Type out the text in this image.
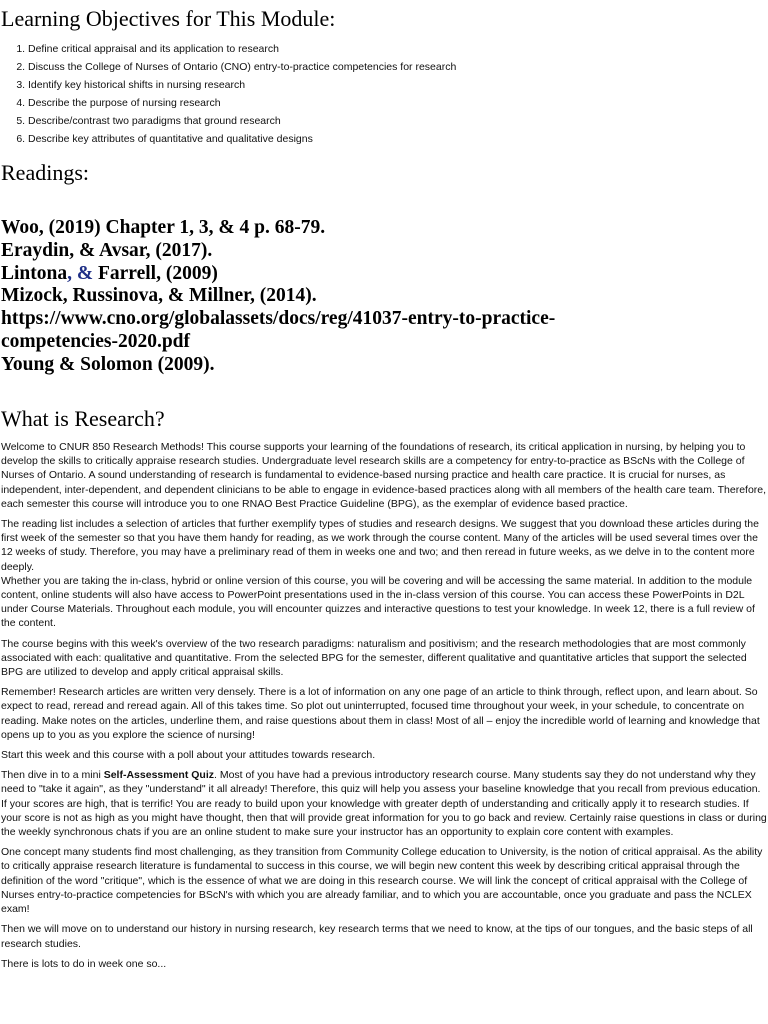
Learning Objectives for This Module:
1. Define critical appraisal and its application to research
2. Discuss the College of Nurses of Ontario (CNO) entry-to-practice competencies for research
3. Identify key historical shifts in nursing research
4. Describe the purpose of nursing research
5. Describe/contrast two paradigms that ground research
6. Describe key attributes of quantitative and qualitative designs
Readings:
Woo, (2019) Chapter 1, 3, & 4 p. 68-79.
Eraydin, & Avsar, (2017).
Lintona, & Farrell, (2009)
Mizock, Russinova, & Millner, (2014).
https://www.cno.org/globalassets/docs/reg/41037-entry-to-practice-
competencies-2020.pdf
Young & Solomon (2009).
What is Research?

Welcome to CNUR 850 Research Methods! This course supports your learning of the foundations of research, its critical application in nursing, by helping you to develop the skills to critically appraise research studies. Undergraduate level research skills are a competency for entry-to-practice as BScNs with the College of Nurses of Ontario. A sound understanding of research is fundamental to evidence-based nursing practice and health care practice. It is crucial for nurses, as independent, inter-dependent, and dependent clinicians to be able to engage in evidence-based practices along with all members of the health care team. Therefore, each semester this course will introduce you to one RNAO Best Practice Guideline (BPG), as the exemplar of evidence based practice.

The reading list includes a selection of articles that further exemplify types of studies and research designs. We suggest that you download these articles during the first week of the semester so that you have them handy for reading, as we work through the course content. Many of the articles will be used several times over the 12 weeks of study. Therefore, you may have a preliminary read of them in weeks one and two; and then reread in future weeks, as we delve in to the content more deeply.

Whether you are taking the in-class, hybrid or online version of this course, you will be covering and will be accessing the same material. In addition to the module content, online students will also have access to PowerPoint presentations used in the in-class version of this course. You can access these PowerPoints in D2L under Course Materials. Throughout each module, you will encounter quizzes and interactive questions to test your knowledge. In week 12, there is a full review of the content.

The course begins with this week's overview of the two research paradigms: naturalism and positivism; and the research methodologies that are most commonly associated with each: qualitative and quantitative. From the selected BPG for the semester, different qualitative and quantitative articles that support the selected BPG are utilized to develop and apply critical appraisal skills.

Remember! Research articles are written very densely. There is a lot of information on any one page of an article to think through, reflect upon, and learn about. So expect to read, reread and reread again. All of this takes time. So plot out uninterrupted, focused time throughout your week, in your schedule, to concentrate on reading. Make notes on the articles, underline them, and raise questions about them in class! Most of all – enjoy the incredible world of learning and knowledge that opens up to you as you explore the science of nursing!

Start this week and this course with a poll about your attitudes towards research.

Then dive in to a mini Self-Assessment Quiz. Most of you have had a previous introductory research course. Many students say they do not understand why they need to "take it again", as they "understand" it all already! Therefore, this quiz will help you assess your baseline knowledge that you recall from previous education. If your scores are high, that is terrific! You are ready to build upon your knowledge with greater depth of understanding and critically apply it to research studies. If your score is not as high as you might have thought, then that will provide great information for you to go back and review. Certainly raise questions in class or during the weekly synchronous chats if you are an online student to make sure your instructor has an opportunity to explain core content with examples.

One concept many students find most challenging, as they transition from Community College education to University, is the notion of critical appraisal. As the ability to critically appraise research literature is fundamental to success in this course, we will begin new content this week by describing critical appraisal through the definition of the word "critique", which is the essence of what we are doing in this research course. We will link the concept of critical appraisal with the College of Nurses entry-to-practice competencies for BScN's with which you are already familiar, and to which you are accountable, once you graduate and pass the NCLEX exam!

Then we will move on to understand our history in nursing research, key research terms that we need to know, at the tips of our tongues, and the basic steps of all research studies.

There is lots to do in week one so...
